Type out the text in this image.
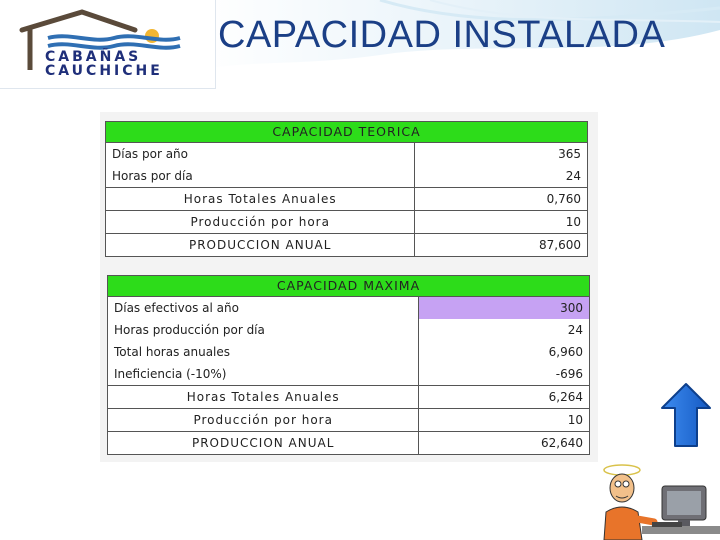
CABAÑAS
CAUCHICHE
CAPACIDAD INSTALADA
CAPACIDAD TEORICA	
Días por año	365
Horas por día	24
Horas Totales Anuales	0,760
Producción por hora	10
PRODUCCION ANUAL	87,600
CAPACIDAD MAXIMA	
Días efectivos al año	300
Horas producción por día	24
Total horas anuales	6,960
Ineficiencia (-10%)	-696
Horas Totales Anuales	6,264
Producción por hora	10
PRODUCCION ANUAL	62,640
